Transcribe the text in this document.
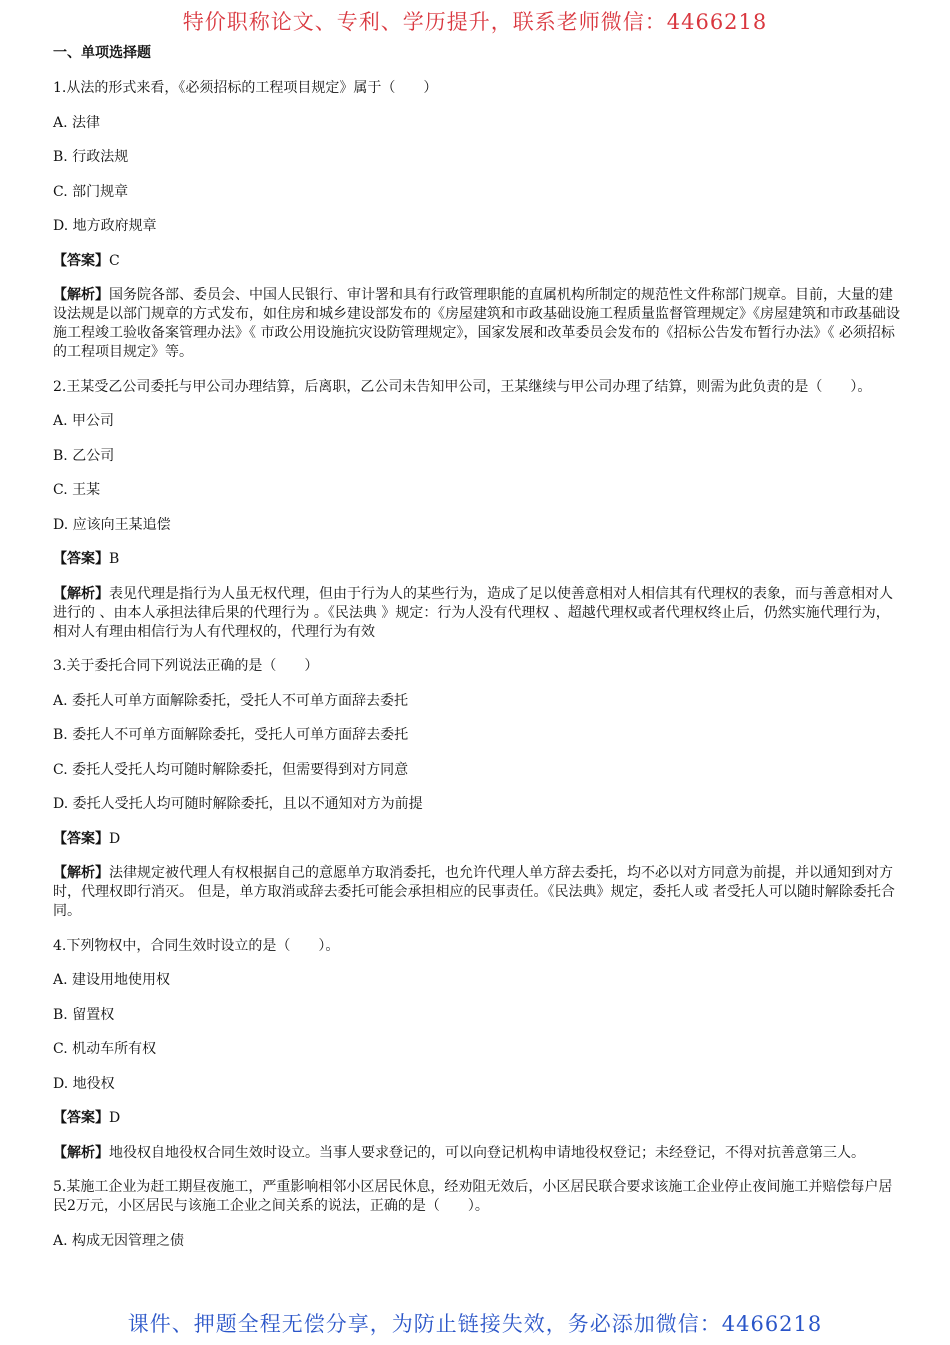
特价职称论文、专利、学历提升，联系老师微信：4466218
一、单项选择题
1.从法的形式来看，《必须招标的工程项目规定》属于（　　）
A. 法律
B. 行政法规
C. 部门规章
D. 地方政府规章
【答案】C
【解析】国务院各部、委员会、中国人民银行、审计署和具有行政管理职能的直属机构所制定的规范性文件称部门规章。目前，大量的建设法规是以部门规章的方式发布，如住房和城乡建设部发布的《房屋建筑和市政基础设施工程质量监督管理规定》《房屋建筑和市政基础设施工程竣工验收备案管理办法》《 市政公用设施抗灾设防管理规定》，国家发展和改革委员会发布的《招标公告发布暂行办法》《 必须招标的工程项目规定》等。
2.王某受乙公司委托与甲公司办理结算，后离职，乙公司未告知甲公司，王某继续与甲公司办理了结算，则需为此负责的是（　　）。
A. 甲公司
B. 乙公司
C. 王某
D. 应该向王某追偿
【答案】B
【解析】表见代理是指行为人虽无权代理，但由于行为人的某些行为，造成了足以使善意相对人相信其有代理权的表象，而与善意相对人进行的 、由本人承担法律后果的代理行为 。《民法典 》规定：行为人没有代理权 、超越代理权或者代理权终止后，仍然实施代理行为， 相对人有理由相信行为人有代理权的，代理行为有效
3.关于委托合同下列说法正确的是（　　）
A. 委托人可单方面解除委托，受托人不可单方面辞去委托
B. 委托人不可单方面解除委托，受托人可单方面辞去委托
C. 委托人受托人均可随时解除委托，但需要得到对方同意
D. 委托人受托人均可随时解除委托，且以不通知对方为前提
【答案】D
【解析】法律规定被代理人有权根据自己的意愿单方取消委托，也允许代理人单方辞去委托，均不必以对方同意为前提，并以通知到对方时，代理权即行消灭。 但是，单方取消或辞去委托可能会承担相应的民事责任。《民法典》规定，委托人或 者受托人可以随时解除委托合同。
4.下列物权中，合同生效时设立的是（　　）。
A. 建设用地使用权
B. 留置权
C. 机动车所有权
D. 地役权
【答案】D
【解析】地役权自地役权合同生效时设立。当事人要求登记的，可以向登记机构申请地役权登记；未经登记，不得对抗善意第三人。
5.某施工企业为赶工期昼夜施工，严重影响相邻小区居民休息，经劝阻无效后，小区居民联合要求该施工企业停止夜间施工并赔偿每户居民2万元，小区居民与该施工企业之间关系的说法，正确的是（　　）。
A. 构成无因管理之债
课件、押题全程无偿分享，为防止链接失效，务必添加微信：4466218
